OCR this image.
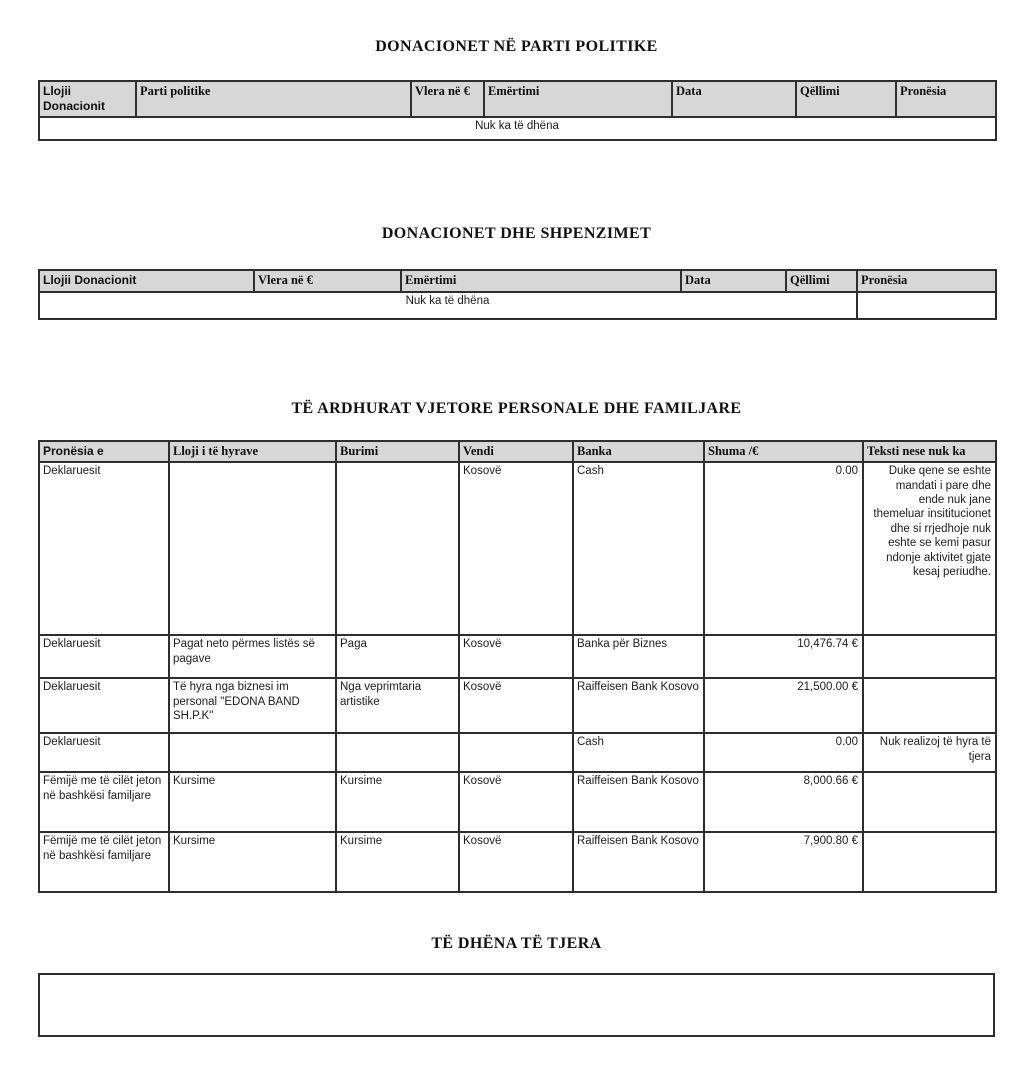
DONACIONET NË PARTI POLITIKE
Llojii Donacionit	Parti politike	Vlera në €	Emërtimi	Data	Qëllimi	Pronësia
Nuk ka të dhëna
DONACIONET DHE SHPENZIMET
Llojii Donacionit	Vlera në €	Emërtimi	Data	Qëllimi	Pronësia
Nuk ka të dhëna					
TË ARDHURAT VJETORE PERSONALE DHE FAMILJARE
Pronësia e	Lloji i të hyrave	Burimi	Vendi	Banka	Shuma /€	Teksti nese nuk ka
Deklaruesit			Kosovë	Cash	0.00	Duke qene se eshte mandati i pare dhe ende nuk jane themeluar insititucionet dhe si rrjedhoje nuk eshte se kemi pasur ndonje aktivitet gjate kesaj periudhe.
Deklaruesit	Pagat neto përmes listës së pagave	Paga	Kosovë	Banka për Biznes	10,476.74 €	
Deklaruesit	Të hyra nga biznesi im personal "EDONA BAND SH.P.K"	Nga veprimtaria artistike	Kosovë	Raiffeisen Bank Kosovo	21,500.00 €	
Deklaruesit				Cash	0.00	Nuk realizoj të hyra të tjera
Fëmijë me të cilët jeton në bashkësi familjare	Kursime	Kursime	Kosovë	Raiffeisen Bank Kosovo	8,000.66 €	
Fëmijë me të cilët jeton në bashkësi familjare	Kursime	Kursime	Kosovë	Raiffeisen Bank Kosovo	7,900.80 €	
TË DHËNA TË TJERA
